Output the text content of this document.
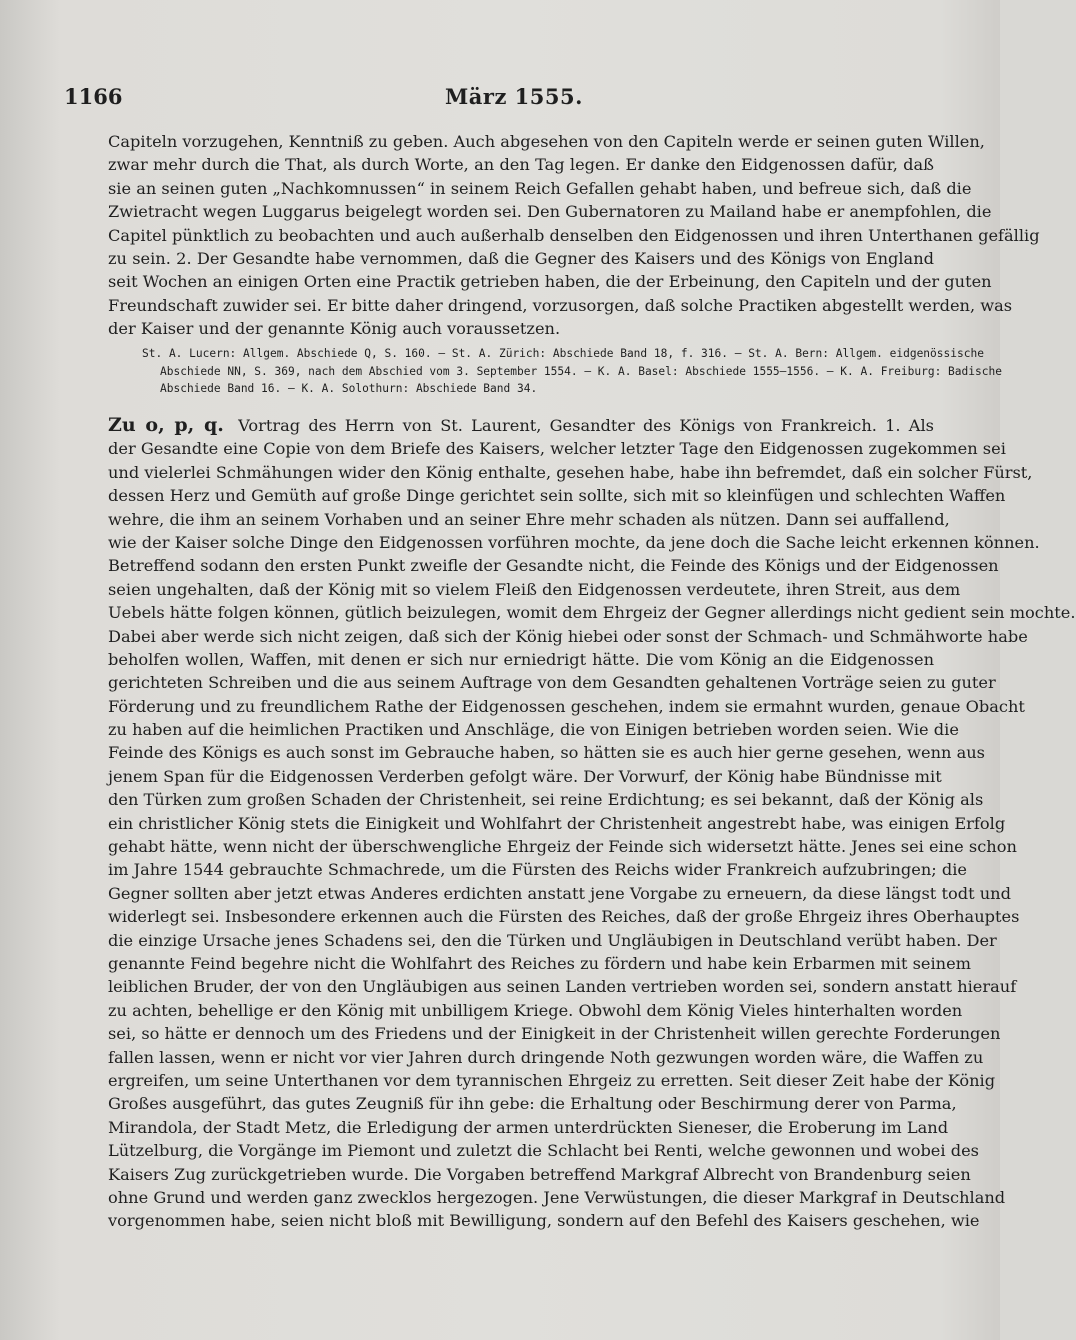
1166	März 1555.
Capiteln vorzugehen, Kenntniß zu geben. Auch abgesehen von den Capiteln werde er seinen guten Willen,
zwar mehr durch die That, als durch Worte, an den Tag legen. Er danke den Eidgenossen dafür, daß
sie an seinen guten „Nachkomnussen“ in seinem Reich Gefallen gehabt haben, und befreue sich, daß die
Zwietracht wegen Luggarus beigelegt worden sei. Den Gubernatoren zu Mailand habe er anempfohlen, die
Capitel pünktlich zu beobachten und auch außerhalb denselben den Eidgenossen und ihren Unterthanen gefällig
zu sein. 2. Der Gesandte habe vernommen, daß die Gegner des Kaisers und des Königs von England
seit Wochen an einigen Orten eine Practik getrieben haben, die der Erbeinung, den Capiteln und der guten
Freundschaft zuwider sei. Er bitte daher dringend, vorzusorgen, daß solche Practiken abgestellt werden, was
der Kaiser und der genannte König auch voraussetzen.
St. A. Lucern: Allgem. Abschiede Q, S. 160. — St. A. Zürich: Abschiede Band 18, f. 316. — St. A. Bern: Allgem. eidgenössische
Abschiede NN, S. 369, nach dem Abschied vom 3. September 1554. — K. A. Basel: Abschiede 1555—1556. — K. A. Freiburg: Badische
Abschiede Band 16. — K. A. Solothurn: Abschiede Band 34.
Zu o, p, q. Vortrag des Herrn von St. Laurent, Gesandter des Königs von Frankreich. 1. Als
der Gesandte eine Copie von dem Briefe des Kaisers, welcher letzter Tage den Eidgenossen zugekommen sei
und vielerlei Schmähungen wider den König enthalte, gesehen habe, habe ihn befremdet, daß ein solcher Fürst,
dessen Herz und Gemüth auf große Dinge gerichtet sein sollte, sich mit so kleinfügen und schlechten Waffen
wehre, die ihm an seinem Vorhaben und an seiner Ehre mehr schaden als nützen. Dann sei auffallend,
wie der Kaiser solche Dinge den Eidgenossen vorführen mochte, da jene doch die Sache leicht erkennen können.
Betreffend sodann den ersten Punkt zweifle der Gesandte nicht, die Feinde des Königs und der Eidgenossen
seien ungehalten, daß der König mit so vielem Fleiß den Eidgenossen verdeutete, ihren Streit, aus dem
Uebels hätte folgen können, gütlich beizulegen, womit dem Ehrgeiz der Gegner allerdings nicht gedient sein mochte.
Dabei aber werde sich nicht zeigen, daß sich der König hiebei oder sonst der Schmach- und Schmähworte habe
beholfen wollen, Waffen, mit denen er sich nur erniedrigt hätte. Die vom König an die Eidgenossen
gerichteten Schreiben und die aus seinem Auftrage von dem Gesandten gehaltenen Vorträge seien zu guter
Förderung und zu freundlichem Rathe der Eidgenossen geschehen, indem sie ermahnt wurden, genaue Obacht
zu haben auf die heimlichen Practiken und Anschläge, die von Einigen betrieben worden seien. Wie die
Feinde des Königs es auch sonst im Gebrauche haben, so hätten sie es auch hier gerne gesehen, wenn aus
jenem Span für die Eidgenossen Verderben gefolgt wäre. Der Vorwurf, der König habe Bündnisse mit
den Türken zum großen Schaden der Christenheit, sei reine Erdichtung; es sei bekannt, daß der König als
ein christlicher König stets die Einigkeit und Wohlfahrt der Christenheit angestrebt habe, was einigen Erfolg
gehabt hätte, wenn nicht der überschwengliche Ehrgeiz der Feinde sich widersetzt hätte. Jenes sei eine schon
im Jahre 1544 gebrauchte Schmachrede, um die Fürsten des Reichs wider Frankreich aufzubringen; die
Gegner sollten aber jetzt etwas Anderes erdichten anstatt jene Vorgabe zu erneuern, da diese längst todt und
widerlegt sei. Insbesondere erkennen auch die Fürsten des Reiches, daß der große Ehrgeiz ihres Oberhauptes
die einzige Ursache jenes Schadens sei, den die Türken und Ungläubigen in Deutschland verübt haben. Der
genannte Feind begehre nicht die Wohlfahrt des Reiches zu fördern und habe kein Erbarmen mit seinem
leiblichen Bruder, der von den Ungläubigen aus seinen Landen vertrieben worden sei, sondern anstatt hierauf
zu achten, behellige er den König mit unbilligem Kriege. Obwohl dem König Vieles hinterhalten worden
sei, so hätte er dennoch um des Friedens und der Einigkeit in der Christenheit willen gerechte Forderungen
fallen lassen, wenn er nicht vor vier Jahren durch dringende Noth gezwungen worden wäre, die Waffen zu
ergreifen, um seine Unterthanen vor dem tyrannischen Ehrgeiz zu erretten. Seit dieser Zeit habe der König
Großes ausgeführt, das gutes Zeugniß für ihn gebe: die Erhaltung oder Beschirmung derer von Parma,
Mirandola, der Stadt Metz, die Erledigung der armen unterdrückten Sieneser, die Eroberung im Land
Lützelburg, die Vorgänge im Piemont und zuletzt die Schlacht bei Renti, welche gewonnen und wobei des
Kaisers Zug zurückgetrieben wurde. Die Vorgaben betreffend Markgraf Albrecht von Brandenburg seien
ohne Grund und werden ganz zwecklos hergezogen. Jene Verwüstungen, die dieser Markgraf in Deutschland
vorgenommen habe, seien nicht bloß mit Bewilligung, sondern auf den Befehl des Kaisers geschehen, wie
